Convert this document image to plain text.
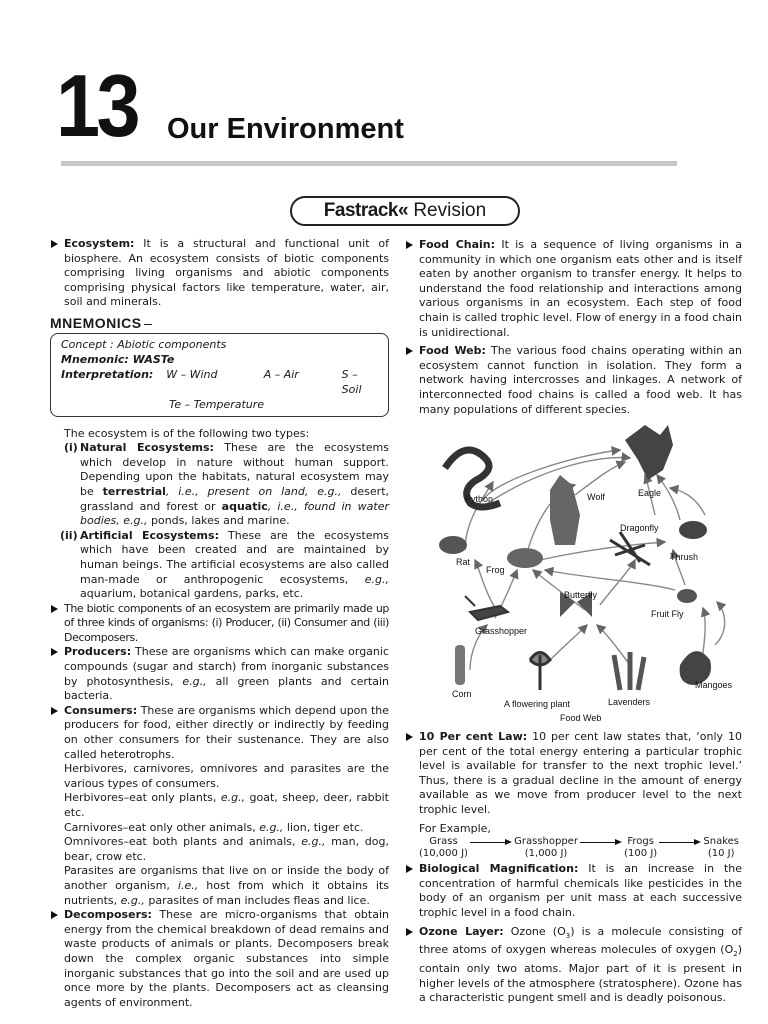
13 Our Environment
Fastrack« Revision

Ecosystem: It is a structural and functional unit of biosphere. An ecosystem consists of biotic components comprising living organisms and abiotic components comprising physical factors like temperature, water, air, soil and minerals.

MNEMONICS
Concept : Abiotic components
Mnemonic: WASTe
Interpretation:	W – Wind	A – Air	S – Soil
Te – Temperature

The ecosystem is of the following two types:

(i) Natural Ecosystems: These are the ecosystems which develop in nature without human support. Depending upon the habitats, natural ecosystem may be terrestrial, i.e., present on land, e.g., desert, grassland and forest or aquatic, i.e., found in water bodies, e.g., ponds, lakes and marine.

(ii) Artificial Ecosystems: These are the ecosystems which have been created and are maintained by human beings. The artificial ecosystems are also called man-made or anthropogenic ecosystems, e.g., aquarium, botanical gardens, parks, etc.

The biotic components of an ecosystem are primarily made up of three kinds of organisms: (i) Producer, (ii) Consumer and (iii) Decomposers.

Producers: These are organisms which can make organic compounds (sugar and starch) from inorganic substances by photosynthesis, e.g., all green plants and certain bacteria.

Consumers: These are organisms which depend upon the producers for food, either directly or indirectly by feeding on other consumers for their sustenance. They are also called heterotrophs.

Herbivores, carnivores, omnivores and parasites are the various types of consumers.

Herbivores–eat only plants, e.g., goat, sheep, deer, rabbit etc.

Carnivores–eat only other animals, e.g., lion, tiger etc.

Omnivores–eat both plants and animals, e.g., man, dog, bear, crow etc.

Parasites are organisms that live on or inside the body of another organism, i.e., host from which it obtains its nutrients, e.g., parasites of man includes fleas and lice.

Decomposers: These are micro-organisms that obtain energy from the chemical breakdown of dead remains and waste products of animals or plants. Decomposers break down the complex organic substances into simple inorganic substances that go into the soil and are used up once more by the plants. Decomposers act as cleansing agents of environment.

Food Chain: It is a sequence of living organisms in a community in which one organism eats other and is itself eaten by another organism to transfer energy. It helps to understand the food relationship and interactions among various organisms in an ecosystem. Each step of food chain is called trophic level. Flow of energy in a food chain is unidirectional.

Food Web: The various food chains operating within an ecosystem cannot function in isolation. They form a network having intercrosses and linkages. A network of interconnected food chains is called a food web. It has many populations of different species.

Python	Wolf	Eagle
Dragonfly
Thrush
Rat
Frog
Butterfly
Fruit Fly
Grasshopper
Corn
A flowering plant	Lavenders
Mangoes
Food Web

10 Per cent Law: 10 per cent law states that, ‘only 10 per cent of the total energy entering a particular trophic level is available for transfer to the next trophic level.’ Thus, there is a gradual decline in the amount of energy available as we move from producer level to the next trophic level.

For Example,

Grass
(10,000 J)
Grasshopper
(1,000 J)
Frogs
(100 J)
Snakes
(10 J)

Biological Magnification: It is an increase in the concentration of harmful chemicals like pesticides in the body of an organism per unit mass at each successive trophic level in a food chain.

Ozone Layer: Ozone $(O_3)$ is a molecule consisting of three atoms of oxygen whereas molecules of oxygen $(O_2)$ contain only two atoms. Major part of it is present in higher levels of the atmosphere (stratosphere). Ozone has a characteristic pungent smell and is deadly poisonous.
